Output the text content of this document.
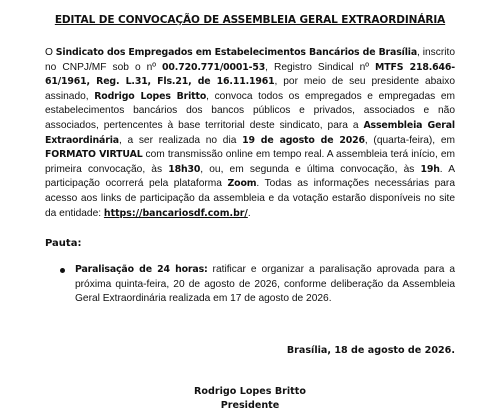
EDITAL DE CONVOCAÇÃO DE ASSEMBLEIA GERAL EXTRAORDINÁRIA

O Sindicato dos Empregados em Estabelecimentos Bancários de Brasília, inscrito no CNPJ/MF sob o nº 00.720.771/0001-53, Registro Sindical nº MTFS 218.646-61/1961, Reg. L.31, Fls.21, de 16.11.1961, por meio de seu presidente abaixo assinado, Rodrigo Lopes Britto, convoca todos os empregados e empregadas em estabelecimentos bancários dos bancos públicos e privados, associados e não associados, pertencentes à base territorial deste sindicato, para a Assembleia Geral Extraordinária, a ser realizada no dia 19 de agosto de 2026, (quarta-feira), em FORMATO VIRTUAL com transmissão online em tempo real. A assembleia terá início, em primeira convocação, às 18h30, ou, em segunda e última convocação, às 19h. A participação ocorrerá pela plataforma Zoom. Todas as informações necessárias para acesso aos links de participação da assembleia e da votação estarão disponíveis no site da entidade: https://bancariosdf.com.br/.

Pauta:
Paralisação de 24 horas: ratificar e organizar a paralisação aprovada para a próxima quinta-feira, 20 de agosto de 2026, conforme deliberação da Assembleia Geral Extraordinária realizada em 17 de agosto de 2026.
Brasília, 18 de agosto de 2026.
Rodrigo Lopes Britto
Presidente
